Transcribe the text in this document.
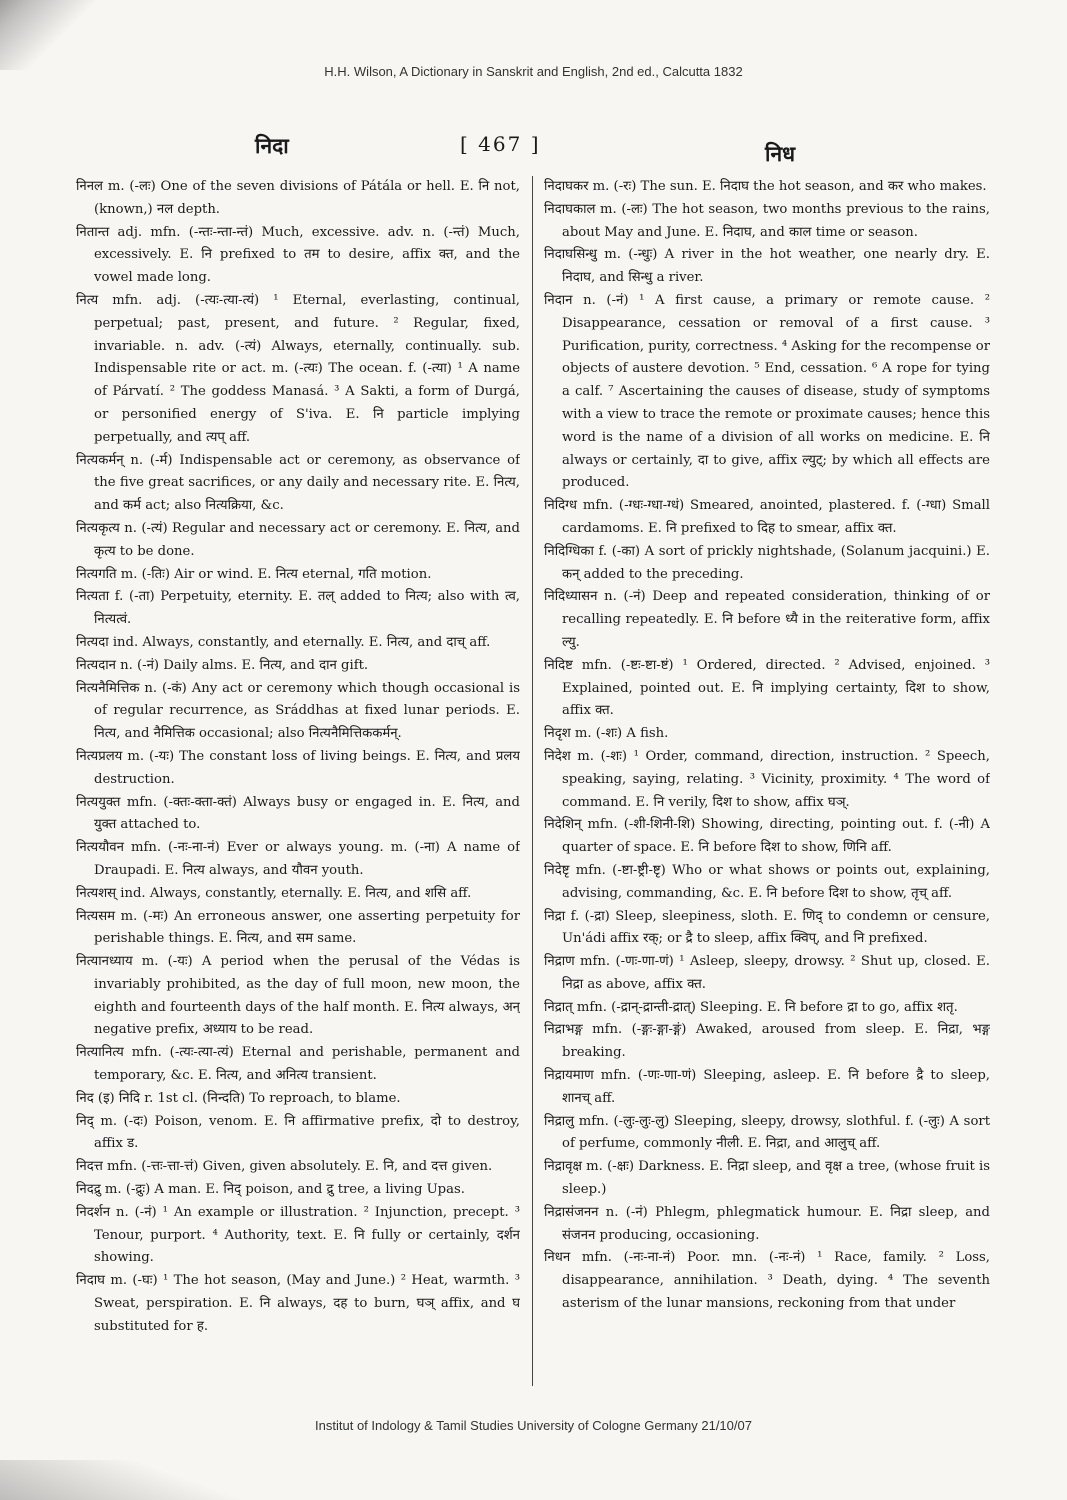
H.H. Wilson, A Dictionary in Sanskrit and English, 2nd ed., Calcutta 1832
निदा	[ 467 ]	निध

निनल m. (-लः) One of the seven divisions of Pátála or hell. E. नि not, (known,) नल depth.

नितान्त adj. mfn. (-न्तः-न्ता-न्तं) Much, excessive. adv. n. (-न्तं) Much, excessively. E. नि prefixed to तम to desire, affix क्त, and the vowel made long.

नित्य mfn. adj. (-त्यः-त्या-त्यं) ¹ Eternal, everlasting, continual, perpetual; past, present, and future. ² Regular, fixed, invariable. n. adv. (-त्यं) Always, eternally, continually. sub. Indispensable rite or act. m. (-त्यः) The ocean. f. (-त्या) ¹ A name of Párvatí. ² The goddess Manasá. ³ A Sakti, a form of Durgá, or personified energy of S'iva. E. नि particle implying perpetually, and त्यप् aff.

नित्यकर्मन् n. (-र्म) Indispensable act or ceremony, as observance of the five great sacrifices, or any daily and necessary rite. E. नित्य, and कर्म act; also नित्यक्रिया, &c.

नित्यकृत्य n. (-त्यं) Regular and necessary act or ceremony. E. नित्य, and कृत्य to be done.

नित्यगति m. (-तिः) Air or wind. E. नित्य eternal, गति motion.

नित्यता f. (-ता) Perpetuity, eternity. E. तल् added to नित्य; also with त्व, नित्यत्वं.

नित्यदा ind. Always, constantly, and eternally. E. नित्य, and दाच् aff.

नित्यदान n. (-नं) Daily alms. E. नित्य, and दान gift.

नित्यनैमित्तिक n. (-कं) Any act or ceremony which though occasional is of regular recurrence, as Sráddhas at fixed lunar periods. E. नित्य, and नैमित्तिक occasional; also नित्यनैमित्तिककर्मन्.

नित्यप्रलय m. (-यः) The constant loss of living beings. E. नित्य, and प्रलय destruction.

नित्ययुक्त mfn. (-क्तः-क्ता-क्तं) Always busy or engaged in. E. नित्य, and युक्त attached to.

नित्ययौवन mfn. (-नः-ना-नं) Ever or always young. m. (-ना) A name of Draupadi. E. नित्य always, and यौवन youth.

नित्यशस् ind. Always, constantly, eternally. E. नित्य, and शसि aff.

नित्यसम m. (-मः) An erroneous answer, one asserting perpetuity for perishable things. E. नित्य, and सम same.

नित्यानध्याय m. (-यः) A period when the perusal of the Védas is invariably prohibited, as the day of full moon, new moon, the eighth and fourteenth days of the half month. E. नित्य always, अन् negative prefix, अध्याय to be read.

नित्यानित्य mfn. (-त्यः-त्या-त्यं) Eternal and perishable, permanent and temporary, &c. E. नित्य, and अनित्य transient.

निद (इ) निदि r. 1st cl. (निन्दति) To reproach, to blame.

निद् m. (-दः) Poison, venom. E. नि affirmative prefix, दो to destroy, affix ड.

निदत्त mfn. (-त्तः-त्ता-त्तं) Given, given absolutely. E. नि, and दत्त given.

निदद्रु m. (-द्रुः) A man. E. निद् poison, and द्रु tree, a living Upas.

निदर्शन n. (-नं) ¹ An example or illustration. ² Injunction, precept. ³ Tenour, purport. ⁴ Authority, text. E. नि fully or certainly, दर्शन showing.

निदाघ m. (-घः) ¹ The hot season, (May and June.) ² Heat, warmth. ³ Sweat, perspiration. E. नि always, दह to burn, घञ् affix, and घ substituted for ह.

निदाघकर m. (-रः) The sun. E. निदाघ the hot season, and कर who makes.

निदाघकाल m. (-लः) The hot season, two months previous to the rains, about May and June. E. निदाघ, and काल time or season.

निदाघसिन्धु m. (-न्धुः) A river in the hot weather, one nearly dry. E. निदाघ, and सिन्धु a river.

निदान n. (-नं) ¹ A first cause, a primary or remote cause. ² Disappearance, cessation or removal of a first cause. ³ Purification, purity, correctness. ⁴ Asking for the recompense or objects of austere devotion. ⁵ End, cessation. ⁶ A rope for tying a calf. ⁷ Ascertaining the causes of disease, study of symptoms with a view to trace the remote or proximate causes; hence this word is the name of a division of all works on medicine. E. नि always or certainly, दा to give, affix ल्युट्; by which all effects are produced.

निदिग्ध mfn. (-ग्धः-ग्धा-ग्धं) Smeared, anointed, plastered. f. (-ग्धा) Small cardamoms. E. नि prefixed to दिह to smear, affix क्त.

निदिग्धिका f. (-का) A sort of prickly nightshade, (Solanum jacquini.) E. कन् added to the preceding.

निदिध्यासन n. (-नं) Deep and repeated consideration, thinking of or recalling repeatedly. E. नि before ध्यै in the reiterative form, affix ल्यु.

निदिष्ट mfn. (-ष्टः-ष्टा-ष्टं) ¹ Ordered, directed. ² Advised, enjoined. ³ Explained, pointed out. E. नि implying certainty, दिश to show, affix क्त.

निदृश m. (-शः) A fish.

निदेश m. (-शः) ¹ Order, command, direction, instruction. ² Speech, speaking, saying, relating. ³ Vicinity, proximity. ⁴ The word of command. E. नि verily, दिश to show, affix घञ्.

निदेशिन् mfn. (-शी-शिनी-शि) Showing, directing, pointing out. f. (-नी) A quarter of space. E. नि before दिश to show, णिनि aff.

निदेष्टृ mfn. (-ष्टा-ष्ट्री-ष्टृ) Who or what shows or points out, explaining, advising, commanding, &c. E. नि before दिश to show, तृच् aff.

निद्रा f. (-द्रा) Sleep, sleepiness, sloth. E. णिद् to condemn or censure, Un'ádi affix रक्; or द्रै to sleep, affix क्विप्, and नि prefixed.

निद्राण mfn. (-णः-णा-णं) ¹ Asleep, sleepy, drowsy. ² Shut up, closed. E. निद्रा as above, affix क्त.

निद्रात् mfn. (-द्रान्-द्रान्ती-द्रात्) Sleeping. E. नि before द्रा to go, affix शतृ.

निद्राभङ्ग mfn. (-ङ्गः-ङ्गा-ङ्गं) Awaked, aroused from sleep. E. निद्रा, भङ्ग breaking.

निद्रायमाण mfn. (-णः-णा-णं) Sleeping, asleep. E. नि before द्रै to sleep, शानच् aff.

निद्रालु mfn. (-लुः-लुः-लु) Sleeping, sleepy, drowsy, slothful. f. (-लुः) A sort of perfume, commonly नीली. E. निद्रा, and आलुच् aff.

निद्रावृक्ष m. (-क्षः) Darkness. E. निद्रा sleep, and वृक्ष a tree, (whose fruit is sleep.)

निद्रासंजनन n. (-नं) Phlegm, phlegmatick humour. E. निद्रा sleep, and संजनन producing, occasioning.

निधन mfn. (-नः-ना-नं) Poor. mn. (-नः-नं) ¹ Race, family. ² Loss, disappearance, annihilation. ³ Death, dying. ⁴ The seventh asterism of the lunar mansions, reckoning from that under

Institut of Indology & Tamil Studies University of Cologne Germany 21/10/07
